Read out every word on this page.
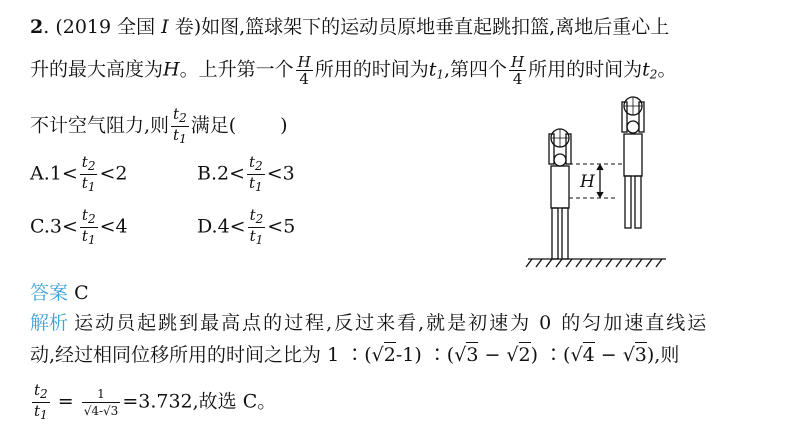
2. (2019 全国 Ⅰ 卷)如图,篮球架下的运动员原地垂直起跳扣篮,离地后重心上
升的最大高度为H。上升第一个 $\frac{H}{4}$ 所用的时间为$t_1$,第四个 $\frac{H}{4}$ 所用的时间为$t_2$。
不计空气阻力,则 $\frac{t_2}{t_1}$ 满足( )
$A.1< \frac{t_2}{t_1} <2$	$B.2< \frac{t_2}{t_1} <3$
$C.3< \frac{t_2}{t_1} <4$	$D.4< \frac{t_2}{t_1} <5$
H
答案 C
解析 运动员起跳到最高点的过程,反过来看,就是初速为 0 的匀加速直线运
动,经过相同位移所用的时间之比为 1 ∶(√2-1) ∶(√3 − √2) ∶(√4 − √3),则
$\frac{t_2}{t_1} = \frac{1}{√4-√3} =3.732$,故选 C。
